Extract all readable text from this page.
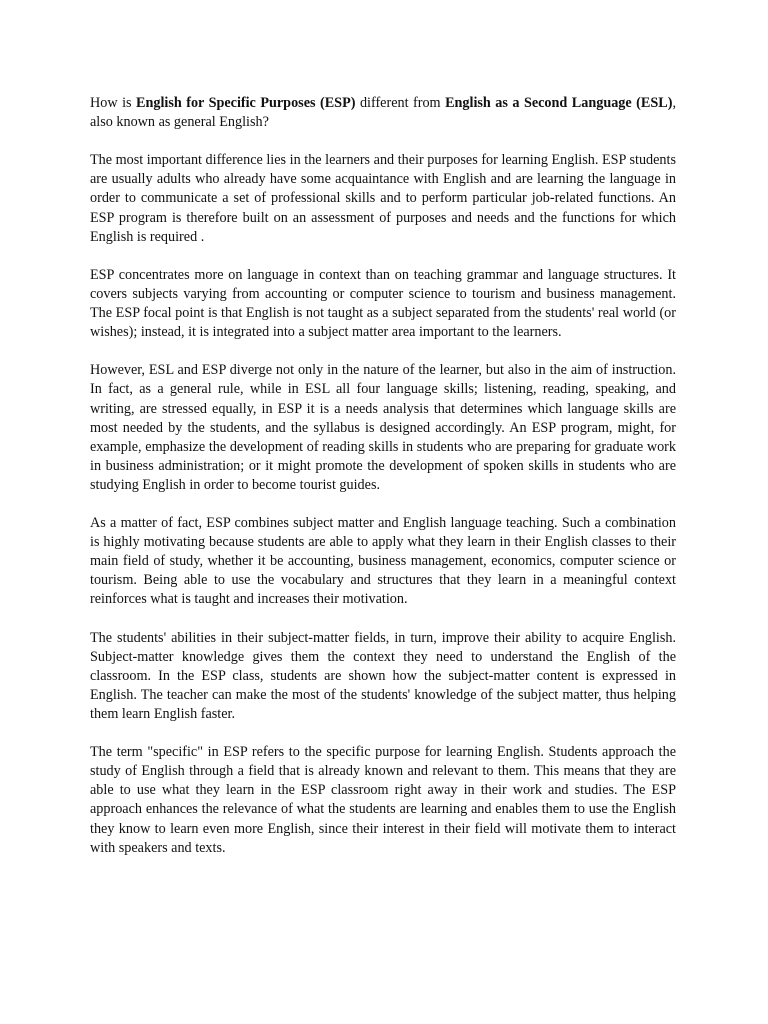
How is English for Specific Purposes (ESP) different from English as a Second Language (ESL), also known as general English?

The most important difference lies in the learners and their purposes for learning English. ESP students are usually adults who already have some acquaintance with English and are learning the language in order to communicate a set of professional skills and to perform particular job-related functions. An ESP program is therefore built on an assessment of purposes and needs and the functions for which English is required .

ESP concentrates more on language in context than on teaching grammar and language structures. It covers subjects varying from accounting or computer science to tourism and business management. The ESP focal point is that English is not taught as a subject separated from the students' real world (or wishes); instead, it is integrated into a subject matter area important to the learners.

However, ESL and ESP diverge not only in the nature of the learner, but also in the aim of instruction. In fact, as a general rule, while in ESL all four language skills; listening, reading, speaking, and writing, are stressed equally, in ESP it is a needs analysis that determines which language skills are most needed by the students, and the syllabus is designed accordingly. An ESP program, might, for example, emphasize the development of reading skills in students who are preparing for graduate work in business administration; or it might promote the development of spoken skills in students who are studying English in order to become tourist guides.

As a matter of fact, ESP combines subject matter and English language teaching. Such a combination is highly motivating because students are able to apply what they learn in their English classes to their main field of study, whether it be accounting, business management, economics, computer science or tourism. Being able to use the vocabulary and structures that they learn in a meaningful context reinforces what is taught and increases their motivation.

The students' abilities in their subject-matter fields, in turn, improve their ability to acquire English. Subject-matter knowledge gives them the context they need to understand the English of the classroom. In the ESP class, students are shown how the subject-matter content is expressed in English. The teacher can make the most of the students' knowledge of the subject matter, thus helping them learn English faster.

The term "specific" in ESP refers to the specific purpose for learning English. Students approach the study of English through a field that is already known and relevant to them. This means that they are able to use what they learn in the ESP classroom right away in their work and studies. The ESP approach enhances the relevance of what the students are learning and enables them to use the English they know to learn even more English, since their interest in their field will motivate them to interact with speakers and texts.
